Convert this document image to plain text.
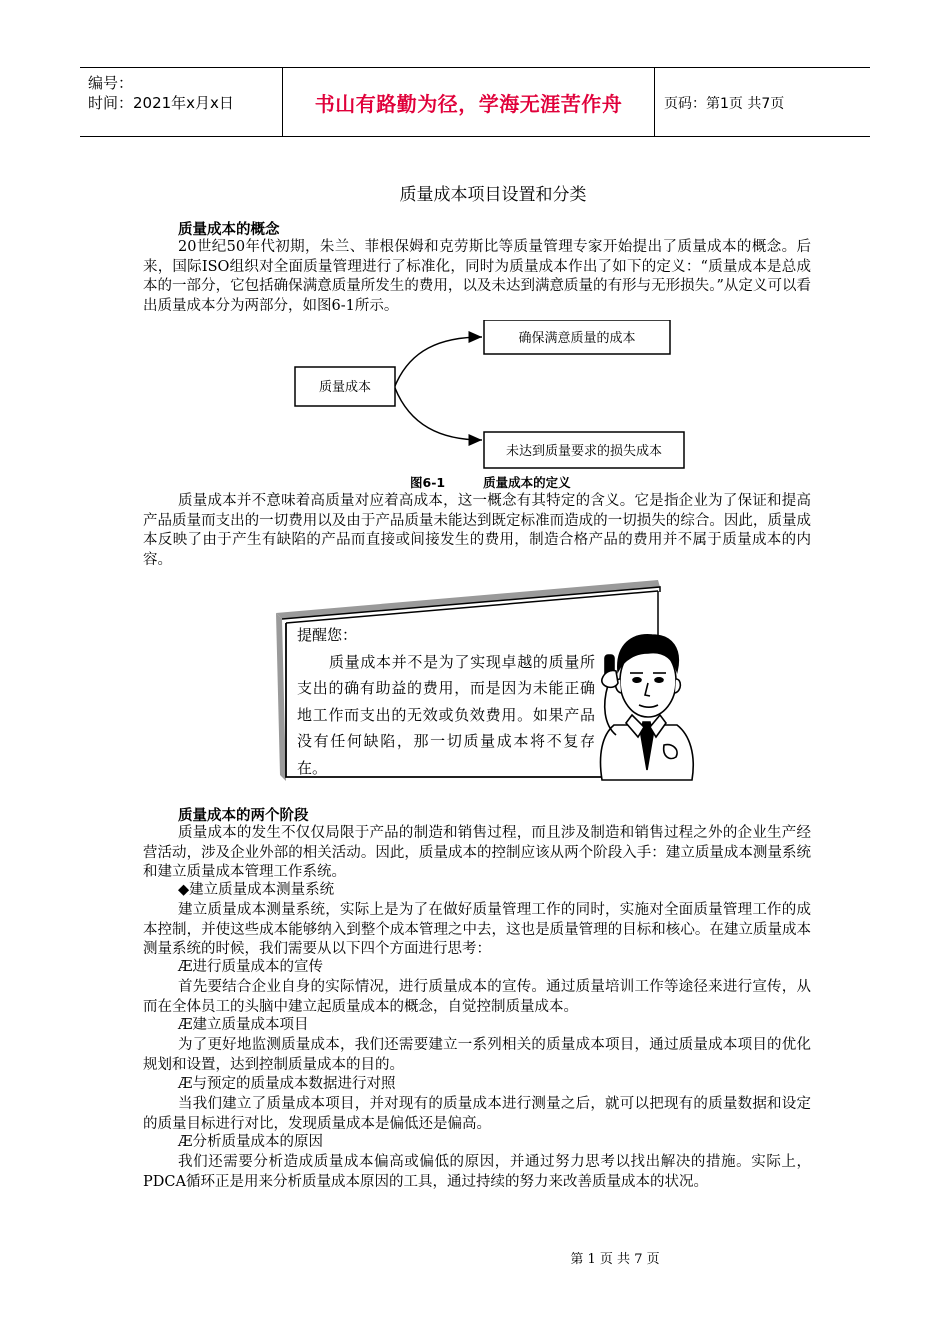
编号：
时间：2021年x月x日	书山有路勤为径，学海无涯苦作舟	页码：第1页 共7页
质量成本项目设置和分类
质量成本的概念

20世纪50年代初期，朱兰、菲根保姆和克劳斯比等质量管理专家开始提出了质量成本的概念。后来，国际ISO组织对全面质量管理进行了标准化，同时为质量成本作出了如下的定义：“质量成本是总成本的一部分，它包括确保满意质量所发生的费用，以及未达到满意质量的有形与无形损失。”从定义可以看出质量成本分为两部分，如图6-1所示。

质量成本
确保满意质量的成本
未达到质量要求的损失成本
图6-1	质量成本的定义

质量成本并不意味着高质量对应着高成本，这一概念有其特定的含义。它是指企业为了保证和提高产品质量而支出的一切费用以及由于产品质量未能达到既定标准而造成的一切损失的综合。因此，质量成本反映了由于产生有缺陷的产品而直接或间接发生的费用，制造合格产品的费用并不属于质量成本的内容。

提醒您：
质量成本并不是为了实现卓越的质量所支出的确有助益的费用，而是因为未能正确地工作而支出的无效或负效费用。如果产品没有任何缺陷，那一切质量成本将不复存在。
质量成本的两个阶段

质量成本的发生不仅仅局限于产品的制造和销售过程，而且涉及制造和销售过程之外的企业生产经营活动，涉及企业外部的相关活动。因此，质量成本的控制应该从两个阶段入手：建立质量成本测量系统和建立质量成本管理工作系统。

◆建立质量成本测量系统

建立质量成本测量系统，实际上是为了在做好质量管理工作的同时，实施对全面质量管理工作的成本控制，并使这些成本能够纳入到整个成本管理之中去，这也是质量管理的目标和核心。在建立质量成本测量系统的时候，我们需要从以下四个方面进行思考：

Æ进行质量成本的宣传

首先要结合企业自身的实际情况，进行质量成本的宣传。通过质量培训工作等途径来进行宣传，从而在全体员工的头脑中建立起质量成本的概念，自觉控制质量成本。

Æ建立质量成本项目

为了更好地监测质量成本，我们还需要建立一系列相关的质量成本项目，通过质量成本项目的优化规划和设置，达到控制质量成本的目的。

Æ与预定的质量成本数据进行对照

当我们建立了质量成本项目，并对现有的质量成本进行测量之后，就可以把现有的质量数据和设定的质量目标进行对比，发现质量成本是偏低还是偏高。

Æ分析质量成本的原因

我们还需要分析造成质量成本偏高或偏低的原因，并通过努力思考以找出解决的措施。实际上，PDCA循环正是用来分析质量成本原因的工具，通过持续的努力来改善质量成本的状况。

第 1 页 共 7 页
